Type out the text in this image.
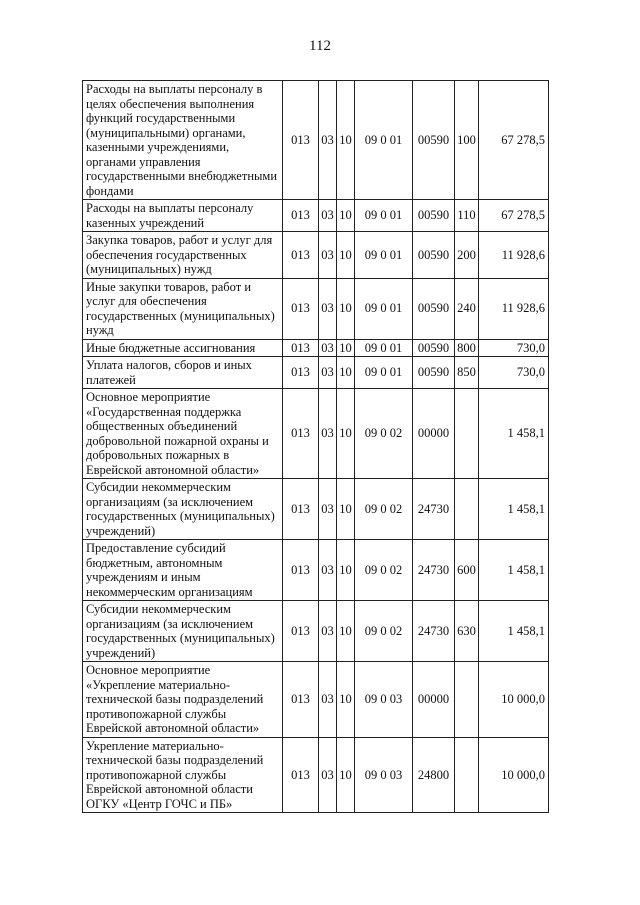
112
Расходы на выплаты персоналу в целях обеспечения выполнения функций государственными (муниципальными) органами, казенными учреждениями, органами управления государственными внебюджетными фондами	013	03	10	09 0 01	00590	100	67 278,5
Расходы на выплаты персоналу казенных учреждений	013	03	10	09 0 01	00590	110	67 278,5
Закупка товаров, работ и услуг для обеспечения государственных (муниципальных) нужд	013	03	10	09 0 01	00590	200	11 928,6
Иные закупки товаров, работ и услуг для обеспечения государственных (муниципальных) нужд	013	03	10	09 0 01	00590	240	11 928,6
Иные бюджетные ассигнования	013	03	10	09 0 01	00590	800	730,0
Уплата налогов, сборов и иных платежей	013	03	10	09 0 01	00590	850	730,0
Основное мероприятие «Государственная поддержка общественных объединений добровольной пожарной охраны и добровольных пожарных в Еврейской автономной области»	013	03	10	09 0 02	00000		1 458,1
Субсидии некоммерческим организациям (за исключением государственных (муниципальных) учреждений)	013	03	10	09 0 02	24730		1 458,1
Предоставление субсидий бюджетным, автономным учреждениям и иным некоммерческим организациям	013	03	10	09 0 02	24730	600	1 458,1
Субсидии некоммерческим организациям (за исключением государственных (муниципальных) учреждений)	013	03	10	09 0 02	24730	630	1 458,1
Основное мероприятие «Укрепление материально-технической базы подразделений противопожарной службы Еврейской автономной области»	013	03	10	09 0 03	00000		10 000,0
Укрепление материально-технической базы подразделений противопожарной службы Еврейской автономной области ОГКУ «Центр ГОЧС и ПБ»	013	03	10	09 0 03	24800		10 000,0
